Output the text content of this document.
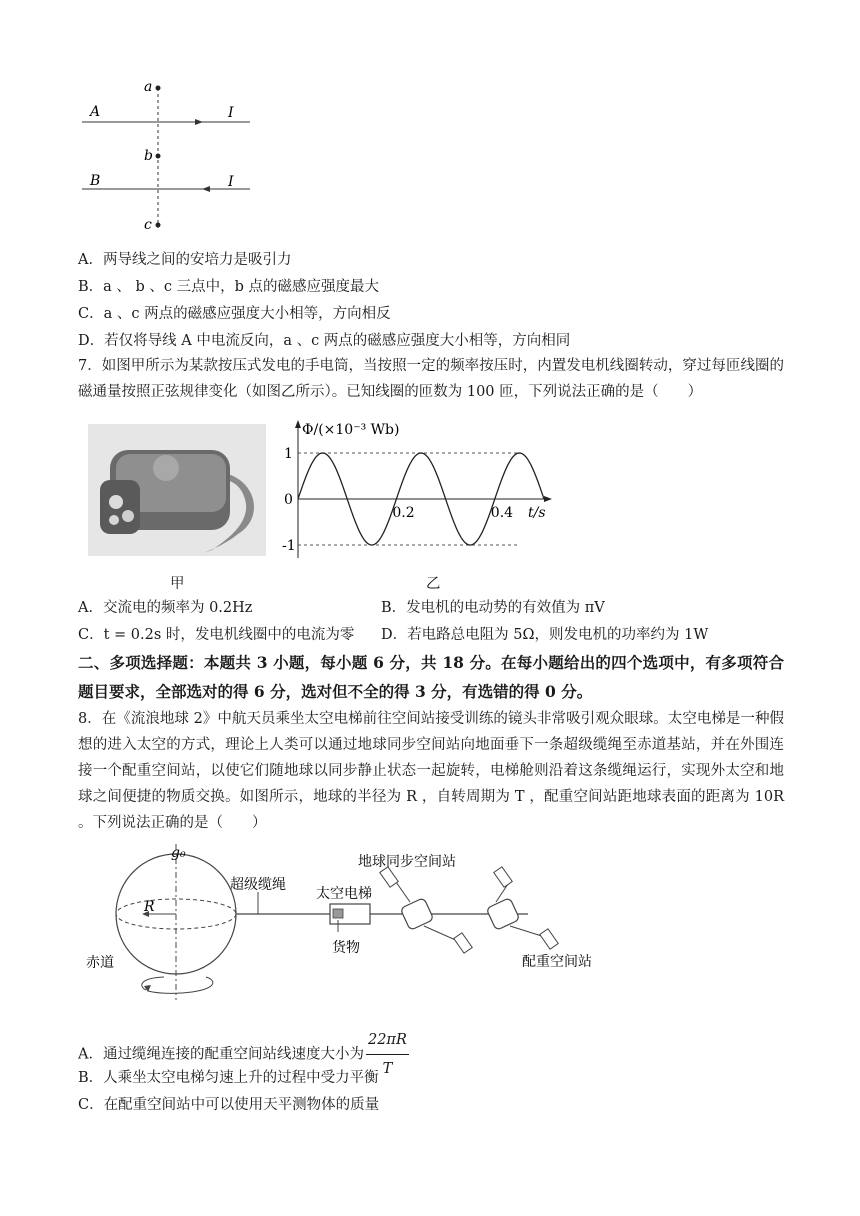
a
b
c
A
B
I
I
A．两导线之间的安培力是吸引力
B．a 、 b 、c 三点中，b 点的磁感应强度最大
C．a 、c 两点的磁感应强度大小相等，方向相反
D．若仅将导线 A 中电流反向，a 、c 两点的磁感应强度大小相等，方向相同
7．如图甲所示为某款按压式发电的手电筒，当按照一定的频率按压时，内置发电机线圈转动，穿过每匝线圈的磁通量按照正弦规律变化（如图乙所示）。已知线圈的匝数为 100 匝，下列说法正确的是（　　）
Φ/(×10⁻³ Wb)
1
0
-1
0.2	0.4 t/s
甲	乙
A．交流电的频率为 0.2Hz	B．发电机的电动势的有效值为 πV
C．t = 0.2s 时，发电机线圈中的电流为零 D．若电路总电阻为 5Ω，则发电机的功率约为 1W
二、多项选择题：本题共 3 小题，每小题 6 分，共 18 分。在每小题给出的四个选项中，有多项符合题目要求，全部选对的得 6 分，选对但不全的得 3 分，有选错的得 0 分。
8．在《流浪地球 2》中航天员乘坐太空电梯前往空间站接受训练的镜头非常吸引观众眼球。太空电梯是一种假想的进入太空的方式，理论上人类可以通过地球同步空间站向地面垂下一条超级缆绳至赤道基站，并在外围连接一个配重空间站，以使它们随地球以同步静止状态一起旋转，电梯舱则沿着这条缆绳运行，实现外太空和地球之间便捷的物质交换。如图所示，地球的半径为 R ，自转周期为 T ，配重空间站距地球表面的距离为 10R 。下列说法正确的是（　　）
g₀
R
赤道
超级缆绳
太空电梯
货物
地球同步空间站
配重空间站
A．通过缆绳连接的配重空间站线速度大小为 $\frac{22\pi R}{T}$
B．人乘坐太空电梯匀速上升的过程中受力平衡
C．在配重空间站中可以使用天平测物体的质量
